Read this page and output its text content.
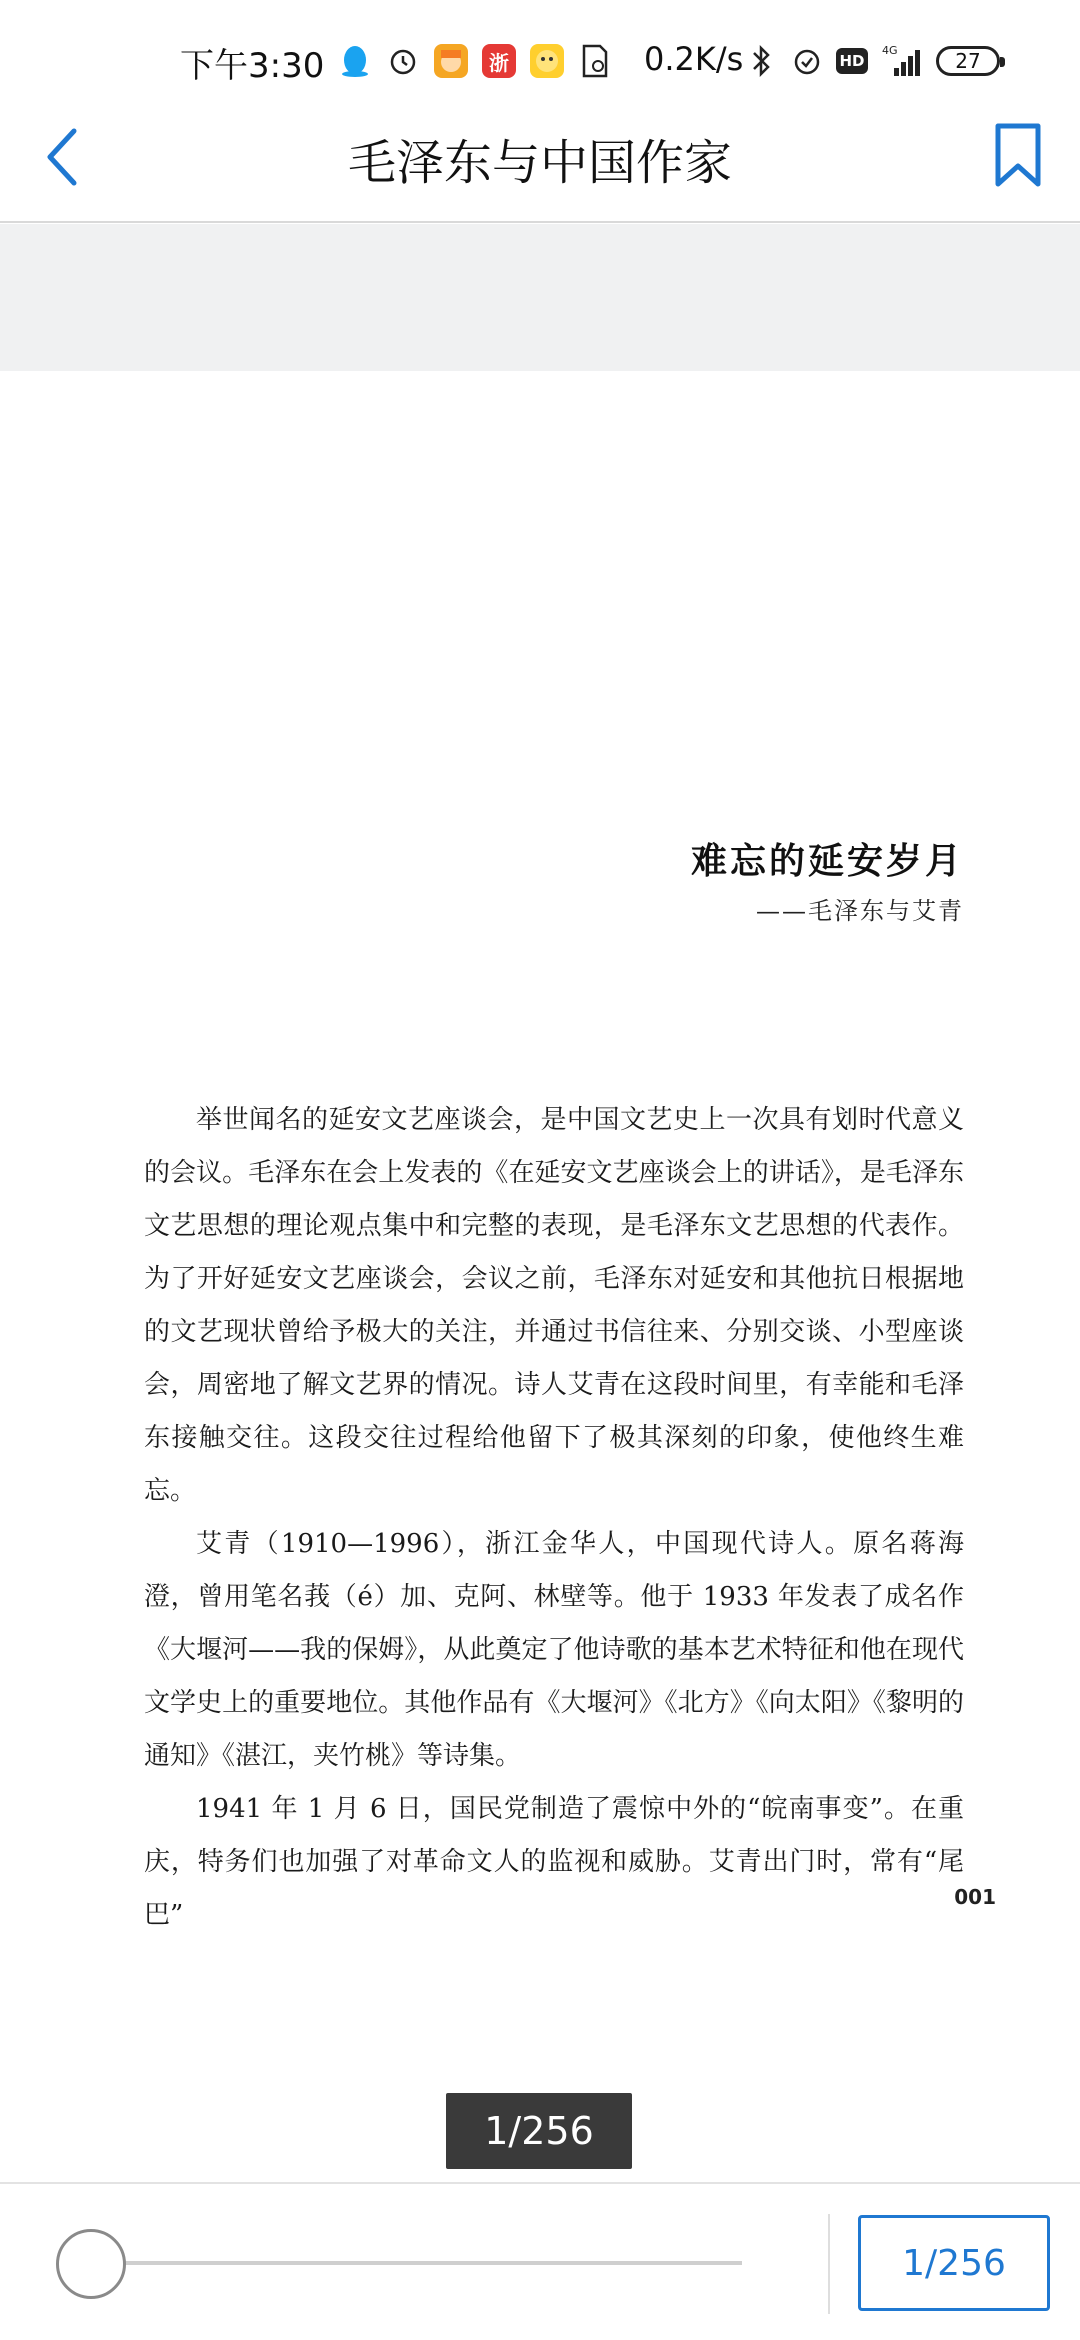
下午3:30	浙	0.2K/s	HD
4G	27
毛泽东与中国作家
难忘的延安岁月
——毛泽东与艾青

举世闻名的延安文艺座谈会，是中国文艺史上一次具有划时代意义的会议。毛泽东在会上发表的《在延安文艺座谈会上的讲话》，是毛泽东文艺思想的理论观点集中和完整的表现，是毛泽东文艺思想的代表作。为了开好延安文艺座谈会，会议之前，毛泽东对延安和其他抗日根据地的文艺现状曾给予极大的关注，并通过书信往来、分别交谈、小型座谈会，周密地了解文艺界的情况。诗人艾青在这段时间里，有幸能和毛泽东接触交往。这段交往过程给他留下了极其深刻的印象，使他终生难忘。

艾青（1910—1996），浙江金华人，中国现代诗人。原名蒋海澄，曾用笔名莪（é）加、克阿、林壁等。他于 1933 年发表了成名作《大堰河——我的保姆》，从此奠定了他诗歌的基本艺术特征和他在现代文学史上的重要地位。其他作品有《大堰河》《北方》《向太阳》《黎明的通知》《湛江，夹竹桃》等诗集。

1941 年 1 月 6 日，国民党制造了震惊中外的“皖南事变”。在重庆，特务们也加强了对革命文人的监视和威胁。艾青出门时，常有“尾巴”

001
1/256
1/256
